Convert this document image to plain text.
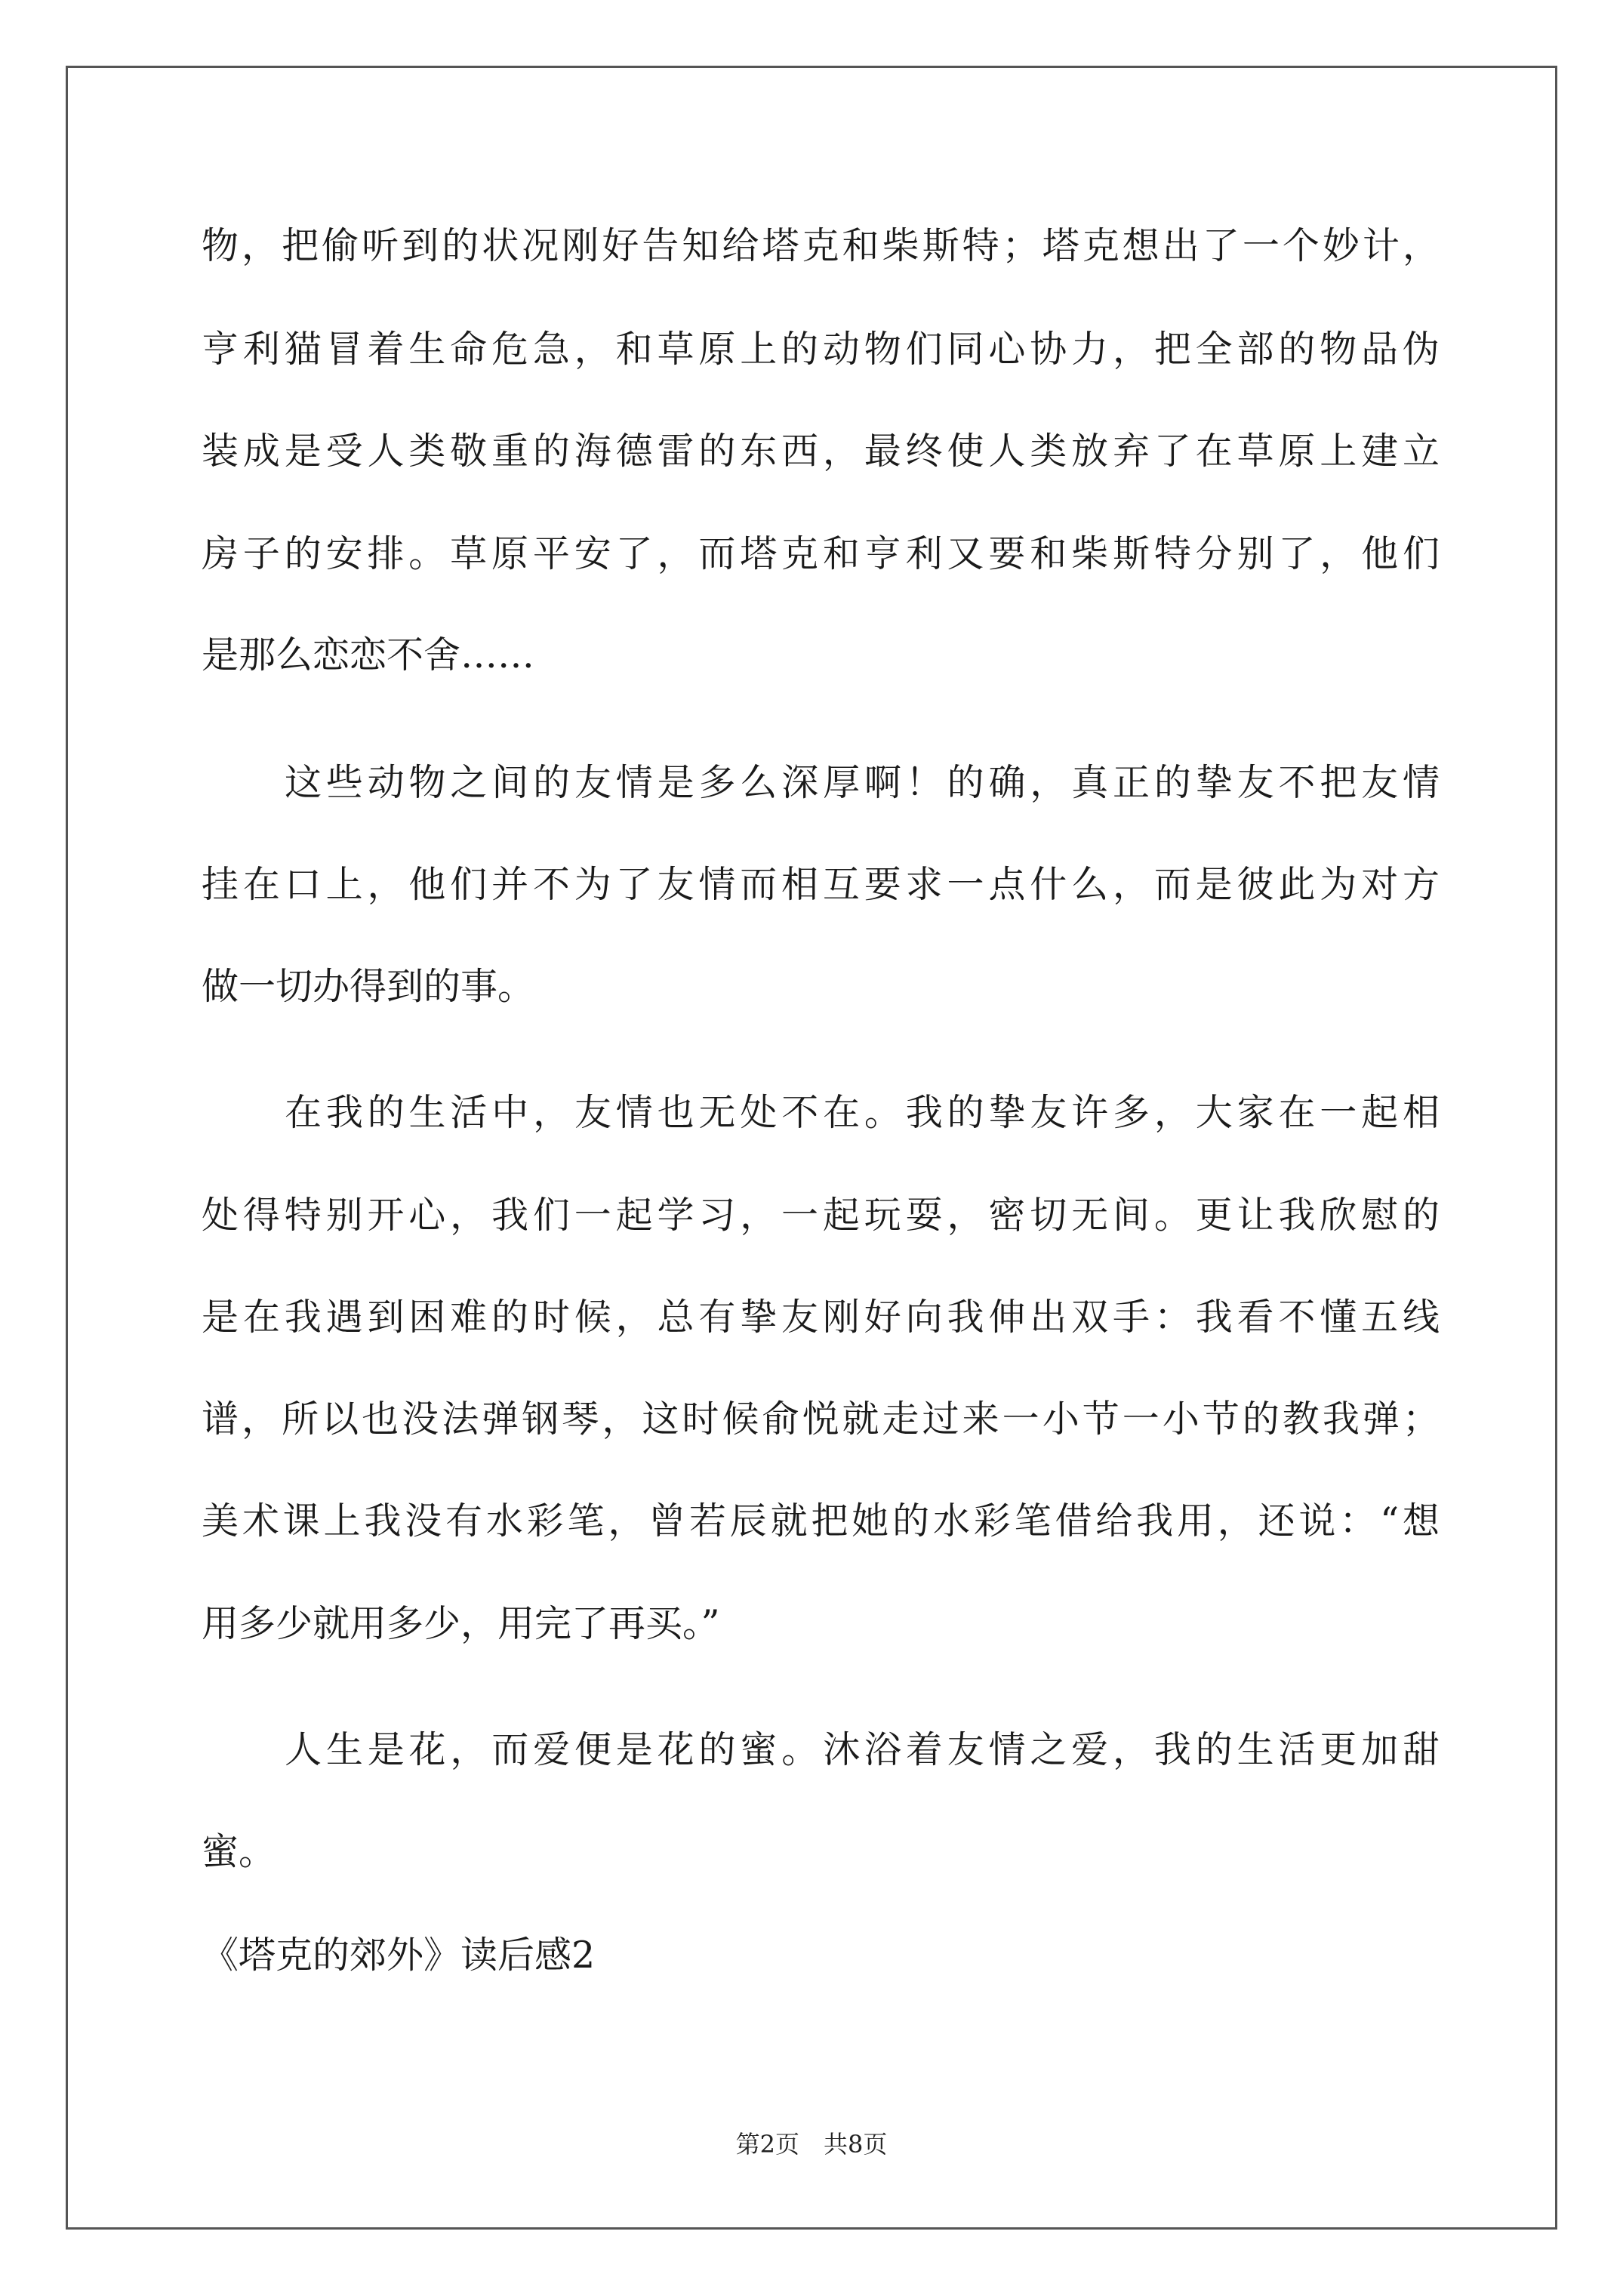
物，把偷听到的状况刚好告知给塔克和柴斯特；塔克想出了一个妙计，
亨利猫冒着生命危急，和草原上的动物们同心协力，把全部的物品伪
装成是受人类敬重的海德雷的东西，最终使人类放弃了在草原上建立
房子的安排。草原平安了，而塔克和亨利又要和柴斯特分别了，他们
是那么恋恋不舍……
这些动物之间的友情是多么深厚啊！的确，真正的挚友不把友情
挂在口上，他们并不为了友情而相互要求一点什么，而是彼此为对方
做一切办得到的事。
在我的生活中，友情也无处不在。我的挚友许多，大家在一起相
处得特别开心，我们一起学习，一起玩耍，密切无间。更让我欣慰的
是在我遇到困难的时候，总有挚友刚好向我伸出双手：我看不懂五线
谱，所以也没法弹钢琴，这时候俞悦就走过来一小节一小节的教我弹；
美术课上我没有水彩笔，曾若辰就把她的水彩笔借给我用，还说：“想
用多少就用多少，用完了再买。”
人生是花，而爱便是花的蜜。沐浴着友情之爱，我的生活更加甜
蜜。
《塔克的郊外》读后感2
第2页　共8页
